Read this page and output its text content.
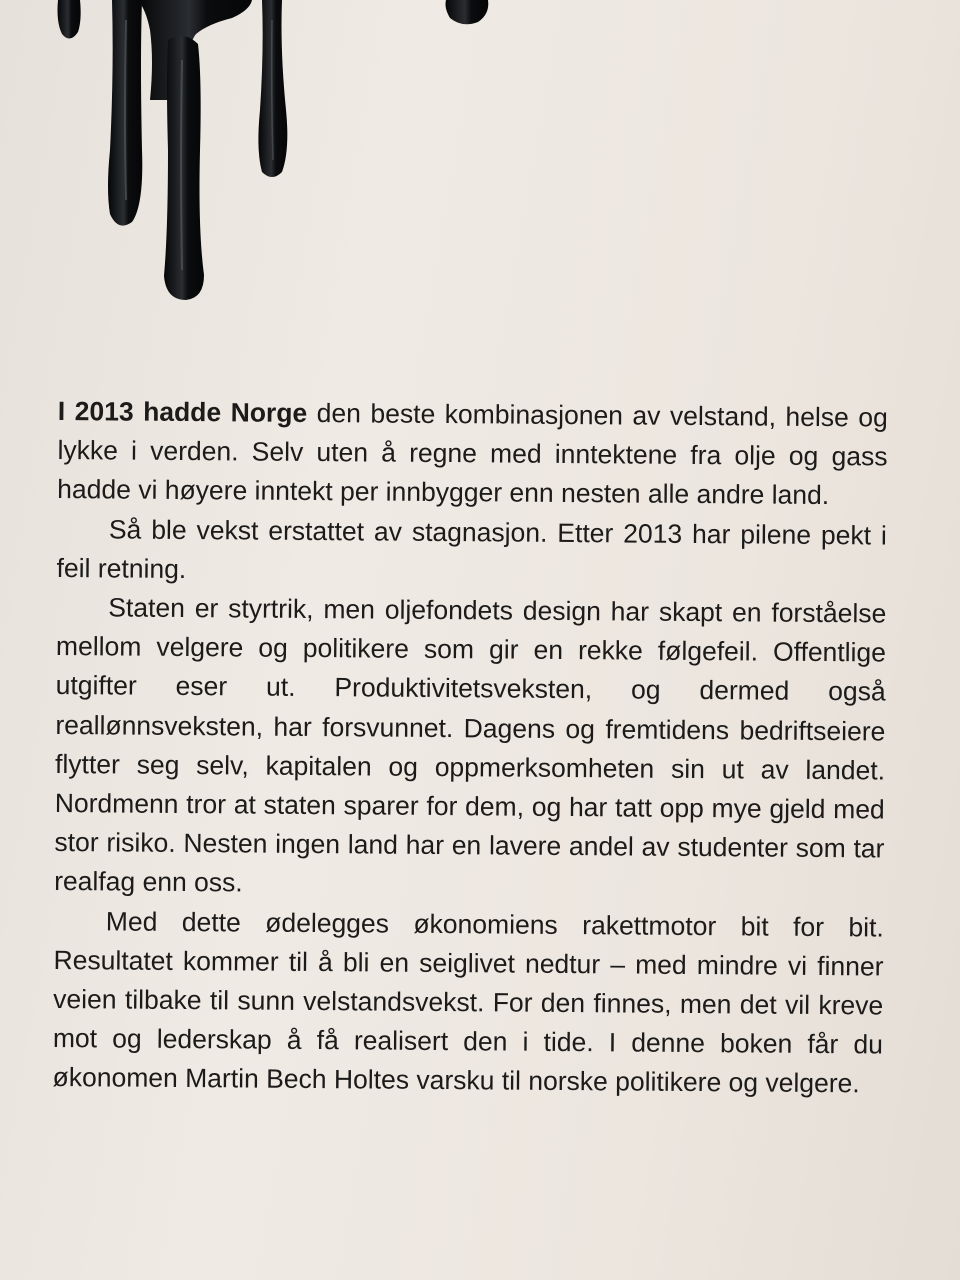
I 2013 hadde Norge den beste kombinasjonen av velstand, helse og lykke i verden. Selv uten å regne med inntektene fra olje og gass hadde vi høyere inntekt per innbygger enn nesten alle andre land.

Så ble vekst erstattet av stagnasjon. Etter 2013 har pilene pekt i feil retning.

Staten er styrtrik, men oljefondets design har skapt en forståelse mellom velgere og politikere som gir en rekke følgefeil. Offentlige utgifter eser ut. Produktivitetsveksten, og dermed også reallønnsveksten, har forsvunnet. Dagens og fremtidens bedriftseiere flytter seg selv, kapitalen og oppmerksomheten sin ut av landet. Nordmenn tror at staten sparer for dem, og har tatt opp mye gjeld med stor risiko. Nesten ingen land har en lavere andel av studenter som tar realfag enn oss.

Med dette ødelegges økonomiens rakettmotor bit for bit. Resultatet kommer til å bli en seiglivet nedtur – med mindre vi finner veien tilbake til sunn velstandsvekst. For den finnes, men det vil kreve mot og lederskap å få realisert den i tide. I denne boken får du økonomen Martin Bech Holtes varsku til norske politikere og velgere.
